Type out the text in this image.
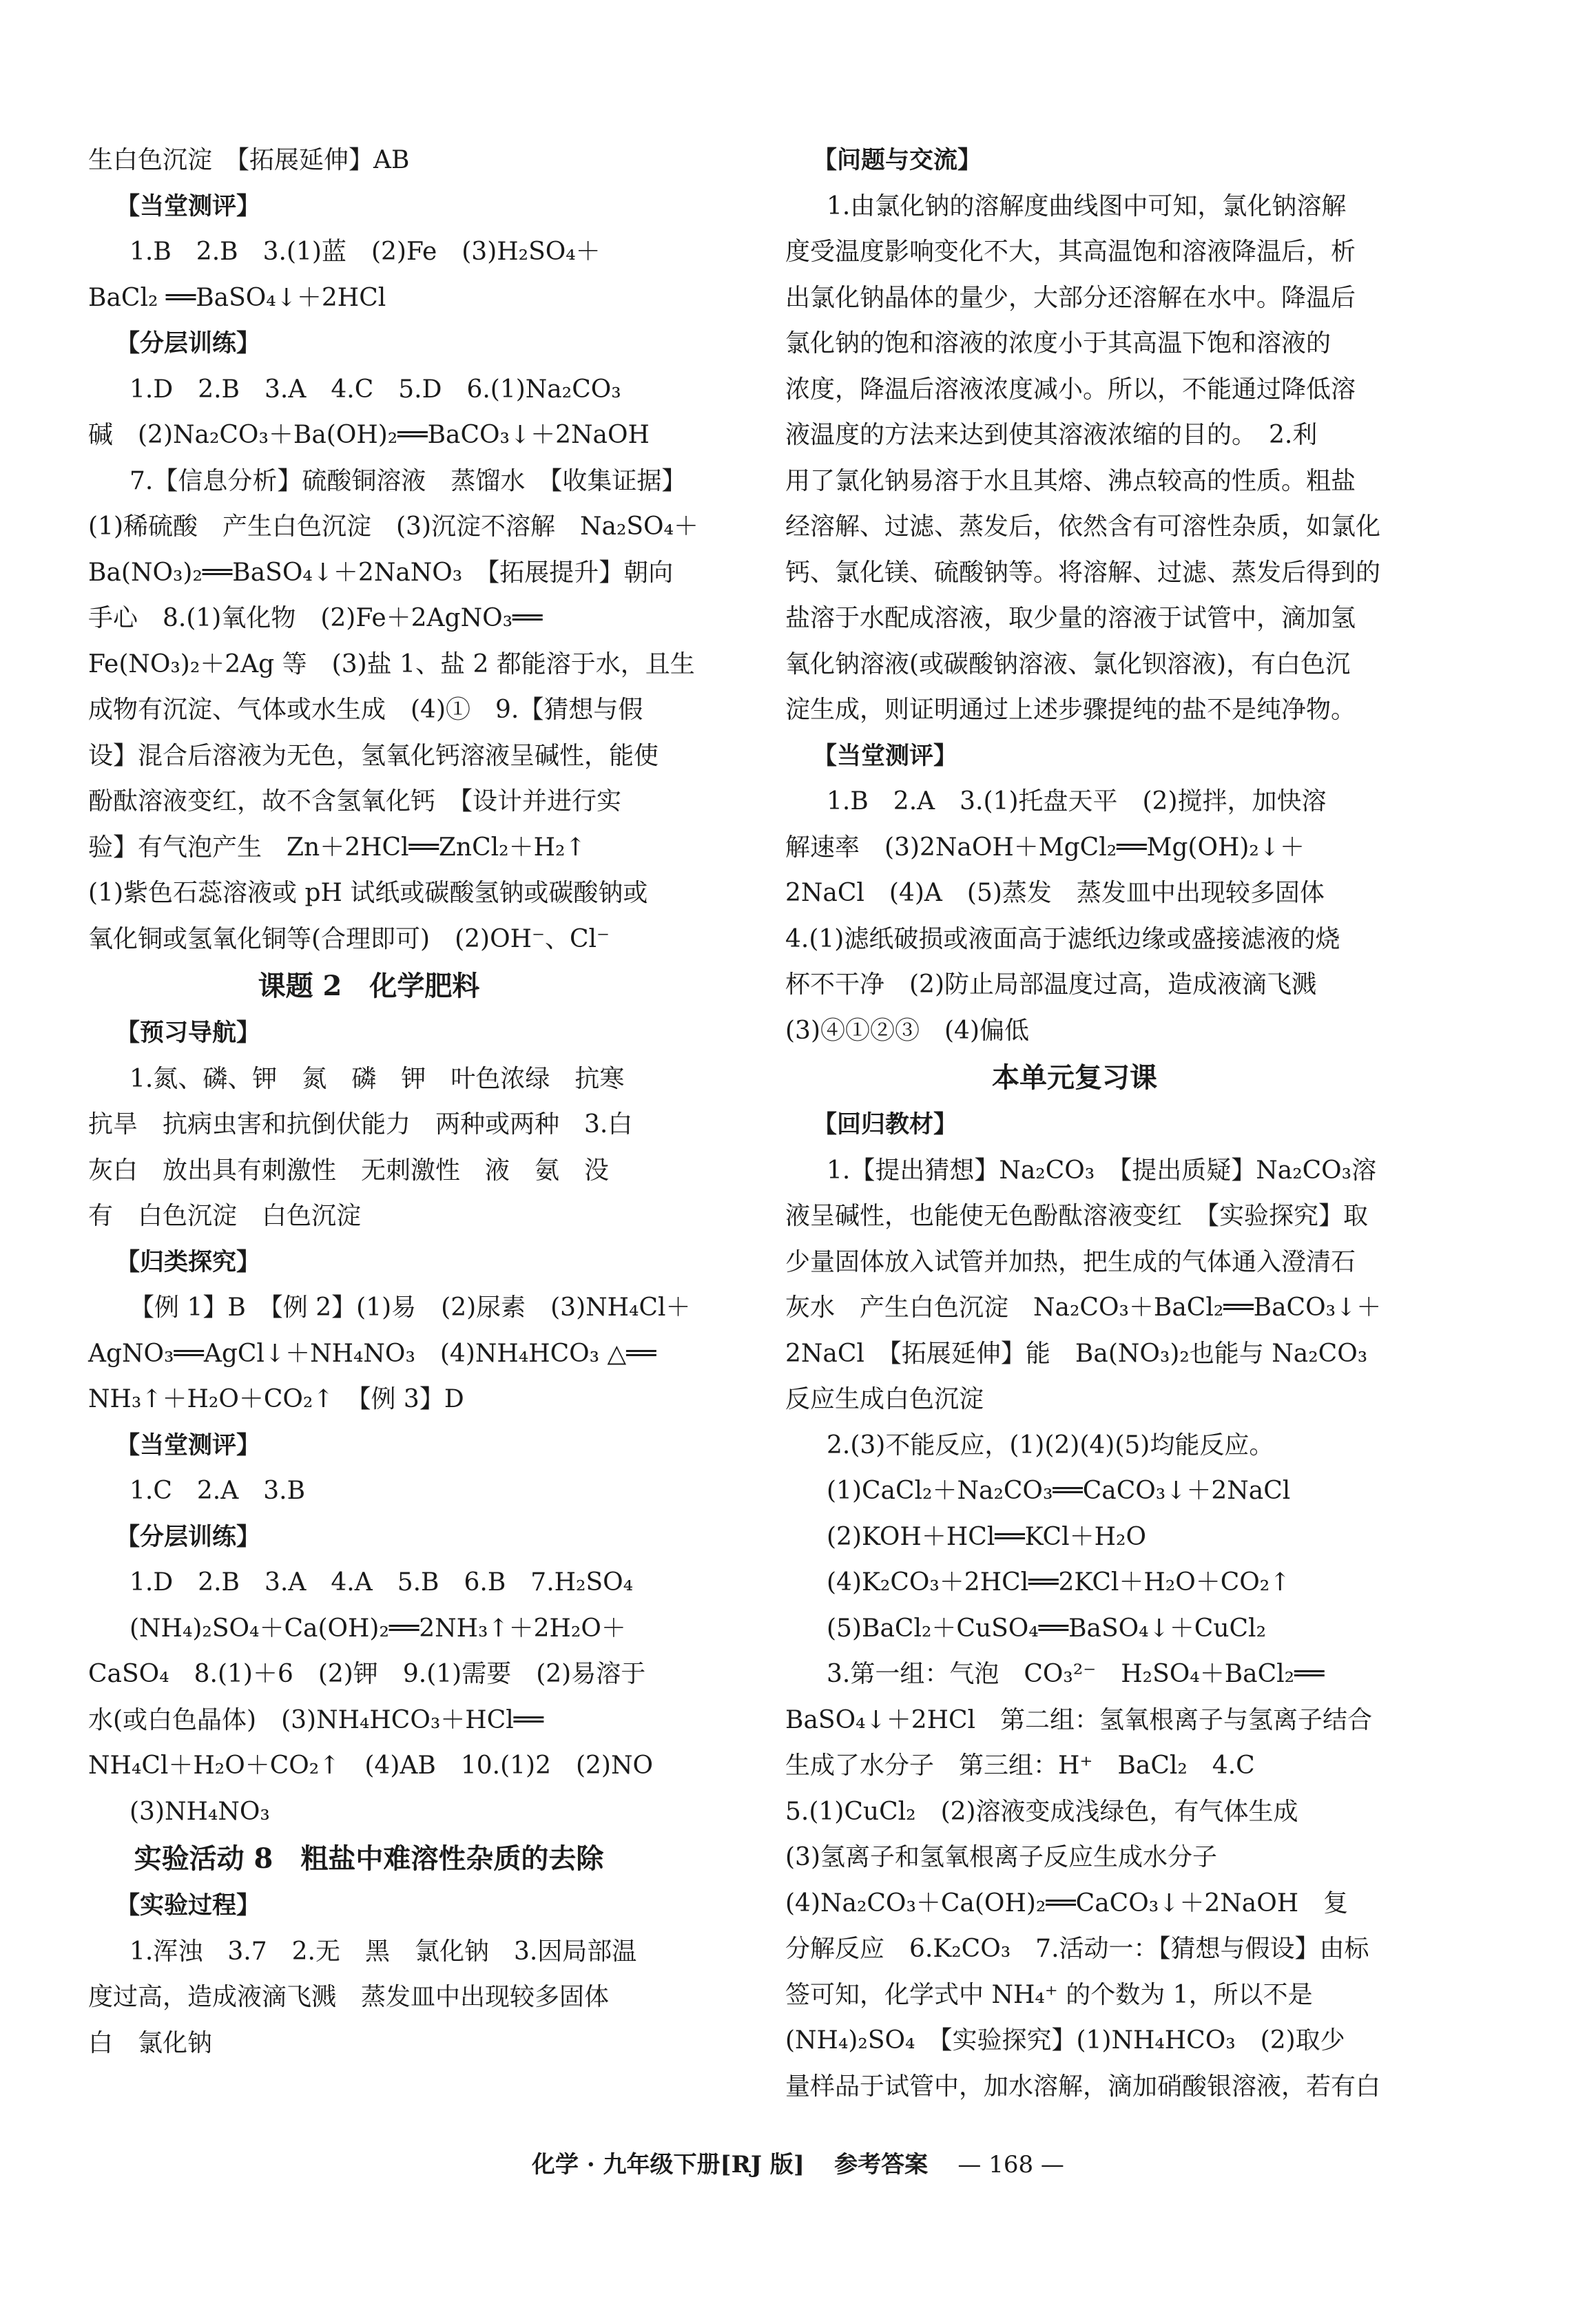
生白色沉淀　【拓展延伸】AB

【当堂测评】

1.B　2.B　3.(1)蓝　(2)Fe　(3)H₂SO₄＋

BaCl₂ ══BaSO₄↓＋2HCl

【分层训练】

1.D　2.B　3.A　4.C　5.D　6.(1)Na₂CO₃

碱　(2)Na₂CO₃＋Ba(OH)₂══BaCO₃↓＋2NaOH

7.【信息分析】硫酸铜溶液　蒸馏水　【收集证据】

(1)稀硫酸　产生白色沉淀　(3)沉淀不溶解　Na₂SO₄＋

Ba(NO₃)₂══BaSO₄↓＋2NaNO₃　【拓展提升】朝向

手心　8.(1)氧化物　(2)Fe＋2AgNO₃══

Fe(NO₃)₂＋2Ag 等　(3)盐 1、盐 2 都能溶于水，且生

成物有沉淀、气体或水生成　(4)①　9.【猜想与假

设】混合后溶液为无色，氢氧化钙溶液呈碱性，能使

酚酞溶液变红，故不含氢氧化钙　【设计并进行实

验】有气泡产生　Zn＋2HCl══ZnCl₂＋H₂↑

(1)紫色石蕊溶液或 pH 试纸或碳酸氢钠或碳酸钠或

氧化铜或氢氧化铜等(合理即可)　(2)OH⁻、Cl⁻

课题 2　化学肥料

【预习导航】

1.氮、磷、钾　氮　磷　钾　叶色浓绿　抗寒

抗旱　抗病虫害和抗倒伏能力　两种或两种　3.白

灰白　放出具有刺激性　无刺激性　液　氨　没

有　白色沉淀　白色沉淀

【归类探究】

【例 1】B　【例 2】(1)易　(2)尿素　(3)NH₄Cl＋

AgNO₃══AgCl↓＋NH₄NO₃　(4)NH₄HCO₃ △══

NH₃↑＋H₂O＋CO₂↑　【例 3】D

【当堂测评】

1.C　2.A　3.B

【分层训练】

1.D　2.B　3.A　4.A　5.B　6.B　7.H₂SO₄

(NH₄)₂SO₄＋Ca(OH)₂══2NH₃↑＋2H₂O＋

CaSO₄　8.(1)＋6　(2)钾　9.(1)需要　(2)易溶于

水(或白色晶体)　(3)NH₄HCO₃＋HCl══

NH₄Cl＋H₂O＋CO₂↑　(4)AB　10.(1)2　(2)NO

(3)NH₄NO₃

实验活动 8　粗盐中难溶性杂质的去除

【实验过程】

1.浑浊　3.7　2.无　黑　氯化钠　3.因局部温

度过高，造成液滴飞溅　蒸发皿中出现较多固体

白　氯化钠

【问题与交流】

1.由氯化钠的溶解度曲线图中可知，氯化钠溶解

度受温度影响变化不大，其高温饱和溶液降温后，析

出氯化钠晶体的量少，大部分还溶解在水中。降温后

氯化钠的饱和溶液的浓度小于其高温下饱和溶液的

浓度，降温后溶液浓度减小。所以，不能通过降低溶

液温度的方法来达到使其溶液浓缩的目的。　2.利

用了氯化钠易溶于水且其熔、沸点较高的性质。粗盐

经溶解、过滤、蒸发后，依然含有可溶性杂质，如氯化

钙、氯化镁、硫酸钠等。将溶解、过滤、蒸发后得到的

盐溶于水配成溶液，取少量的溶液于试管中，滴加氢

氧化钠溶液(或碳酸钠溶液、氯化钡溶液)，有白色沉

淀生成，则证明通过上述步骤提纯的盐不是纯净物。

【当堂测评】

1.B　2.A　3.(1)托盘天平　(2)搅拌，加快溶

解速率　(3)2NaOH＋MgCl₂══Mg(OH)₂↓＋

2NaCl　(4)A　(5)蒸发　蒸发皿中出现较多固体

4.(1)滤纸破损或液面高于滤纸边缘或盛接滤液的烧

杯不干净　(2)防止局部温度过高，造成液滴飞溅

(3)④①②③　(4)偏低

本单元复习课

【回归教材】

1.【提出猜想】Na₂CO₃　【提出质疑】Na₂CO₃溶

液呈碱性，也能使无色酚酞溶液变红　【实验探究】取

少量固体放入试管并加热，把生成的气体通入澄清石

灰水　产生白色沉淀　Na₂CO₃＋BaCl₂══BaCO₃↓＋

2NaCl　【拓展延伸】能　Ba(NO₃)₂也能与 Na₂CO₃

反应生成白色沉淀

2.(3)不能反应，(1)(2)(4)(5)均能反应。

(1)CaCl₂＋Na₂CO₃══CaCO₃↓＋2NaCl

(2)KOH＋HCl══KCl＋H₂O

(4)K₂CO₃＋2HCl══2KCl＋H₂O＋CO₂↑

(5)BaCl₂＋CuSO₄══BaSO₄↓＋CuCl₂

3.第一组：气泡　CO₃²⁻　H₂SO₄＋BaCl₂══

BaSO₄↓＋2HCl　第二组：氢氧根离子与氢离子结合

生成了水分子　第三组：H⁺　BaCl₂　4.C

5.(1)CuCl₂　(2)溶液变成浅绿色，有气体生成

(3)氢离子和氢氧根离子反应生成水分子

(4)Na₂CO₃＋Ca(OH)₂══CaCO₃↓＋2NaOH　复

分解反应　6.K₂CO₃　7.活动一：【猜想与假设】由标

签可知，化学式中 NH₄⁺ 的个数为 1，所以不是

(NH₄)₂SO₄　【实验探究】(1)NH₄HCO₃　(2)取少

量样品于试管中，加水溶解，滴加硝酸银溶液，若有白

化学 · 九年级下册[RJ 版] 参考答案 — 168 —
